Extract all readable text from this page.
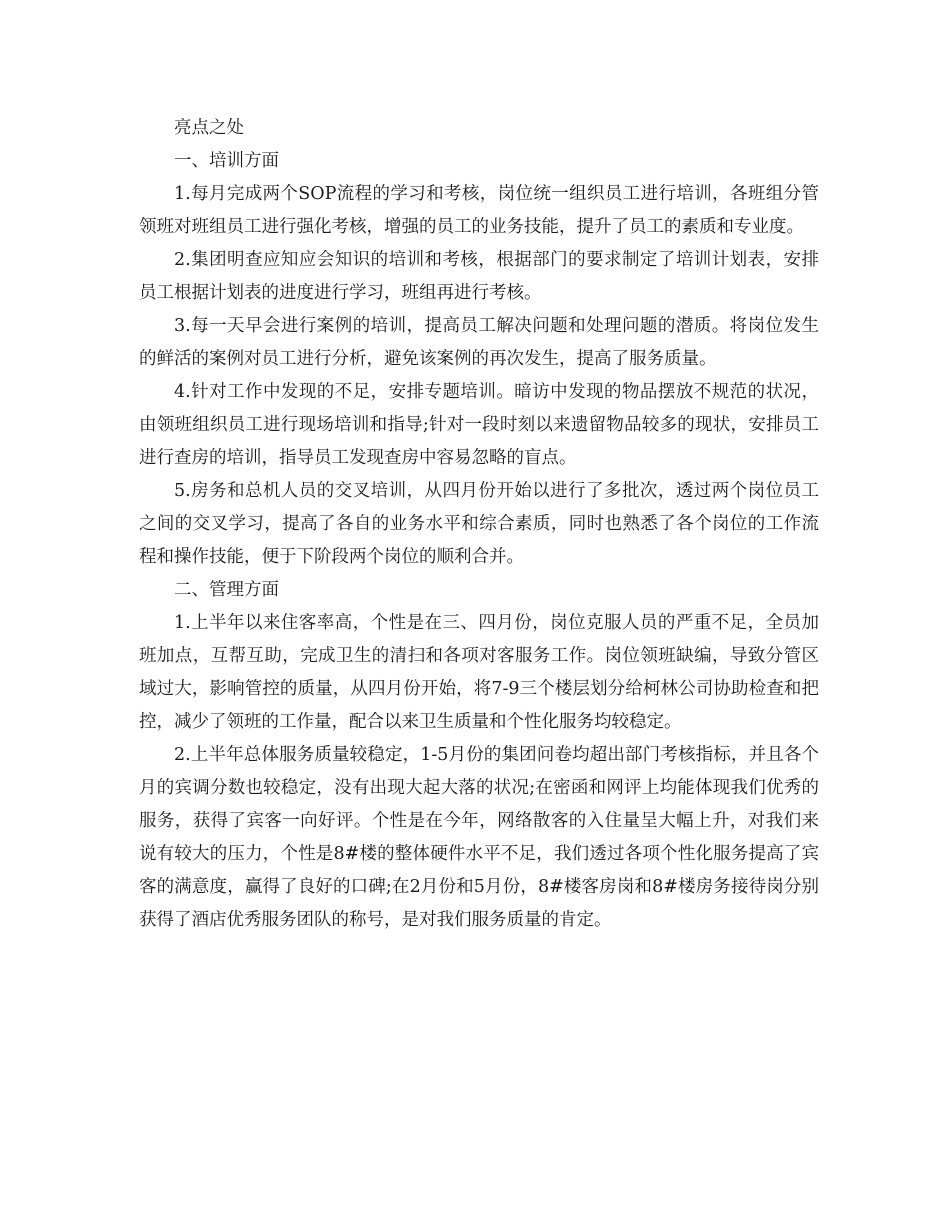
亮点之处

一、培训方面

1.每月完成两个SOP流程的学习和考核，岗位统一组织员工进行培训，各班组分管领班对班组员工进行强化考核，增强的员工的业务技能，提升了员工的素质和专业度。

2.集团明查应知应会知识的培训和考核，根据部门的要求制定了培训计划表，安排员工根据计划表的进度进行学习，班组再进行考核。

3.每一天早会进行案例的培训，提高员工解决问题和处理问题的潜质。将岗位发生的鲜活的案例对员工进行分析，避免该案例的再次发生，提高了服务质量。

4.针对工作中发现的不足，安排专题培训。暗访中发现的物品摆放不规范的状况，由领班组织员工进行现场培训和指导;针对一段时刻以来遗留物品较多的现状，安排员工进行查房的培训，指导员工发现查房中容易忽略的盲点。

5.房务和总机人员的交叉培训，从四月份开始以进行了多批次，透过两个岗位员工之间的交叉学习，提高了各自的业务水平和综合素质，同时也熟悉了各个岗位的工作流程和操作技能，便于下阶段两个岗位的顺利合并。

二、管理方面

1.上半年以来住客率高，个性是在三、四月份，岗位克服人员的严重不足，全员加班加点，互帮互助，完成卫生的清扫和各项对客服务工作。岗位领班缺编，导致分管区域过大，影响管控的质量，从四月份开始，将7-9三个楼层划分给柯林公司协助检查和把控，减少了领班的工作量，配合以来卫生质量和个性化服务均较稳定。

2.上半年总体服务质量较稳定，1-5月份的集团问卷均超出部门考核指标，并且各个月的宾调分数也较稳定，没有出现大起大落的状况;在密函和网评上均能体现我们优秀的服务，获得了宾客一向好评。个性是在今年，网络散客的入住量呈大幅上升，对我们来说有较大的压力，个性是8#楼的整体硬件水平不足，我们透过各项个性化服务提高了宾客的满意度，赢得了良好的口碑;在2月份和5月份，8#楼客房岗和8#楼房务接待岗分别获得了酒店优秀服务团队的称号，是对我们服务质量的肯定。
